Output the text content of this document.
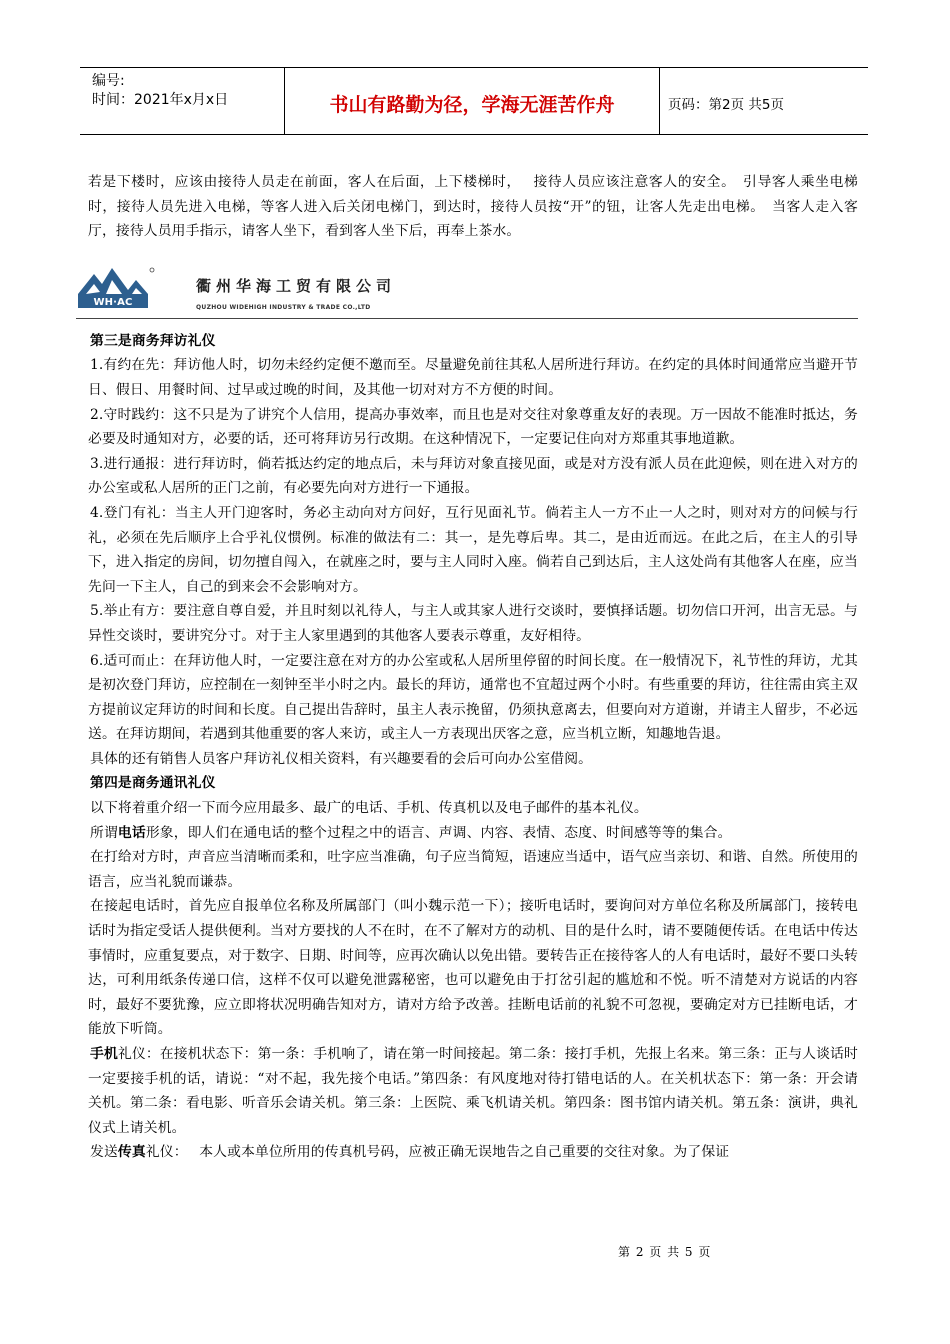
编号:
时间：2021年x月x日	书山有路勤为径，学海无涯苦作舟	页码：第2页 共5页

若是下楼时，应该由接待人员走在前面，客人在后面，上下楼梯时，　 接待人员应该注意客人的安全。　引导客人乘坐电梯时，接待人员先进入电梯，等客人进入后关闭电梯门，到达时，接待人员按“开”的钮，让客人先走出电梯。　当客人走入客厅，接待人员用手指示，请客人坐下，看到客人坐下后，再奉上茶水。

WH·AC
衢州华海工贸有限公司
QUZHOU WIDEHIGH INDUSTRY & TRADE CO.,LTD

第三是商务拜访礼仪

1.有约在先：拜访他人时，切勿未经约定便不邀而至。尽量避免前往其私人居所进行拜访。在约定的具体时间通常应当避开节日、假日、用餐时间、过早或过晚的时间，及其他一切对对方不方便的时间。

2.守时践约：这不只是为了讲究个人信用，提高办事效率，而且也是对交往对象尊重友好的表现。万一因故不能准时抵达，务必要及时通知对方，必要的话，还可将拜访另行改期。在这种情况下，一定要记住向对方郑重其事地道歉。

3.进行通报：进行拜访时，倘若抵达约定的地点后，未与拜访对象直接见面，或是对方没有派人员在此迎候，则在进入对方的办公室或私人居所的正门之前，有必要先向对方进行一下通报。

4.登门有礼：当主人开门迎客时，务必主动向对方问好，互行见面礼节。倘若主人一方不止一人之时，则对对方的问候与行礼，必须在先后顺序上合乎礼仪惯例。标准的做法有二：其一，是先尊后卑。其二，是由近而远。在此之后，在主人的引导下，进入指定的房间，切勿擅自闯入，在就座之时，要与主人同时入座。倘若自己到达后，主人这处尚有其他客人在座，应当先问一下主人，自己的到来会不会影响对方。

5.举止有方：要注意自尊自爱，并且时刻以礼待人，与主人或其家人进行交谈时，要慎择话题。切勿信口开河，出言无忌。与异性交谈时，要讲究分寸。对于主人家里遇到的其他客人要表示尊重，友好相待。

6.适可而止：在拜访他人时，一定要注意在对方的办公室或私人居所里停留的时间长度。在一般情况下，礼节性的拜访，尤其是初次登门拜访，应控制在一刻钟至半小时之内。最长的拜访，通常也不宜超过两个小时。有些重要的拜访，往往需由宾主双方提前议定拜访的时间和长度。自己提出告辞时，虽主人表示挽留，仍须执意离去，但要向对方道谢，并请主人留步，不必远送。在拜访期间，若遇到其他重要的客人来访，或主人一方表现出厌客之意，应当机立断，知趣地告退。

具体的还有销售人员客户拜访礼仪相关资料，有兴趣要看的会后可向办公室借阅。

第四是商务通讯礼仪

以下将着重介绍一下而今应用最多、最广的电话、手机、传真机以及电子邮件的基本礼仪。

所谓电话形象，即人们在通电话的整个过程之中的语言、声调、内容、表情、态度、时间感等等的集合。

在打给对方时，声音应当清晰而柔和，吐字应当准确，句子应当简短，语速应当适中，语气应当亲切、和谐、自然。所使用的语言，应当礼貌而谦恭。

在接起电话时，首先应自报单位名称及所属部门（叫小魏示范一下）；接听电话时，要询问对方单位名称及所属部门，接转电话时为指定受话人提供便利。当对方要找的人不在时，在不了解对方的动机、目的是什么时，请不要随便传话。在电话中传达事情时，应重复要点，对于数字、日期、时间等，应再次确认以免出错。要转告正在接待客人的人有电话时，最好不要口头转达，可利用纸条传递口信，这样不仅可以避免泄露秘密，也可以避免由于打岔引起的尴尬和不悦。听不清楚对方说话的内容时，最好不要犹豫，应立即将状况明确告知对方，请对方给予改善。挂断电话前的礼貌不可忽视，要确定对方已挂断电话，才能放下听筒。

手机礼仪：在接机状态下：第一条：手机响了，请在第一时间接起。第二条：接打手机，先报上名来。第三条：正与人谈话时一定要接手机的话，请说：“对不起，我先接个电话。”第四条：有风度地对待打错电话的人。在关机状态下：第一条：开会请关机。第二条：看电影、听音乐会请关机。第三条：上医院、乘飞机请关机。第四条：图书馆内请关机。第五条：演讲，典礼仪式上请关机。

发送传真礼仪：　 本人或本单位所用的传真机号码，应被正确无误地告之自己重要的交往对象。为了保证

第 2 页 共 5 页
